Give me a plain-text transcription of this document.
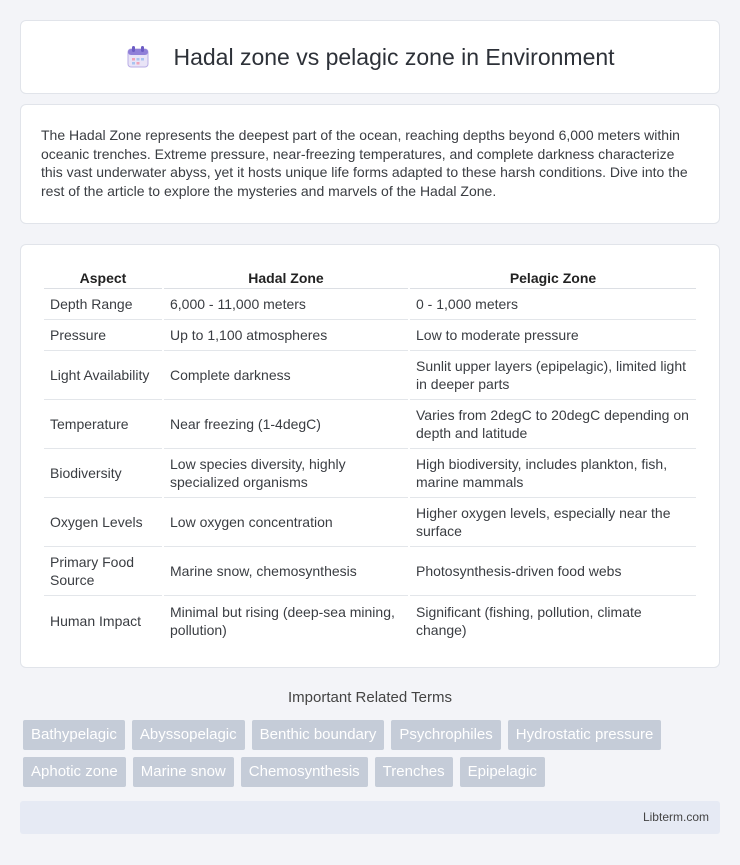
Hadal zone vs pelagic zone in Environment

The Hadal Zone represents the deepest part of the ocean, reaching depths beyond 6,000 meters within oceanic trenches. Extreme pressure, near-freezing temperatures, and complete darkness characterize this vast underwater abyss, yet it hosts unique life forms adapted to these harsh conditions. Dive into the rest of the article to explore the mysteries and marvels of the Hadal Zone.

Aspect	Hadal Zone	Pelagic Zone
Depth Range	6,000 - 11,000 meters	0 - 1,000 meters
Pressure	Up to 1,100 atmospheres	Low to moderate pressure
Light Availability	Complete darkness	Sunlit upper layers (epipelagic), limited light in deeper parts
Temperature	Near freezing (1-4degC)	Varies from 2degC to 20degC depending on depth and latitude
Biodiversity	Low species diversity, highly specialized organisms	High biodiversity, includes plankton, fish, marine mammals
Oxygen Levels	Low oxygen concentration	Higher oxygen levels, especially near the surface
Primary Food Source	Marine snow, chemosynthesis	Photosynthesis-driven food webs
Human Impact	Minimal but rising (deep-sea mining, pollution)	Significant (fishing, pollution, climate change)
Important Related Terms
Bathypelagic	Abyssopelagic	Benthic boundary	Psychrophiles	Hydrostatic pressure
Aphotic zone	Marine snow	Chemosynthesis	Trenches	Epipelagic
Libterm.com
